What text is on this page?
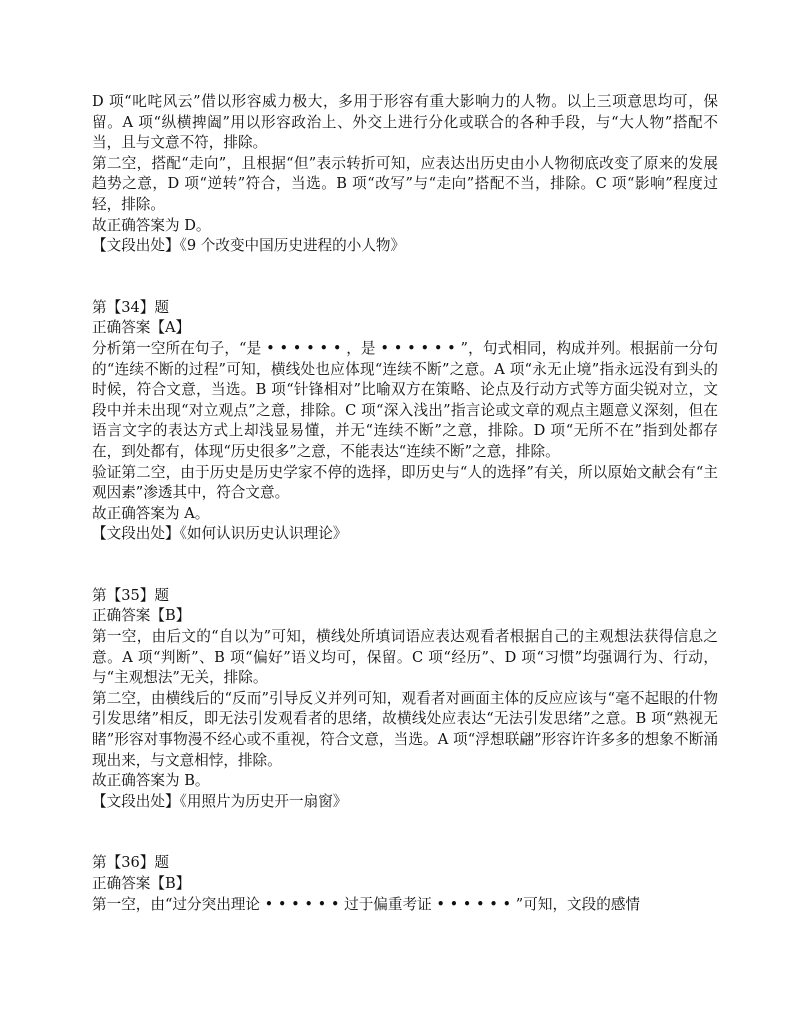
D 项“叱咤风云”借以形容威力极大，多用于形容有重大影响力的人物。以上三项意思均可，保留。A 项“纵横捭阖”用以形容政治上、外交上进行分化或联合的各种手段，与“大人物”搭配不当，且与文意不符，排除。

第二空，搭配“走向”，且根据“但”表示转折可知，应表达出历史由小人物彻底改变了原来的发展趋势之意，D 项“逆转”符合，当选。B 项“改写”与“走向”搭配不当，排除。C 项“影响”程度过轻，排除。

故正确答案为 D。

【文段出处】《9 个改变中国历史进程的小人物》

第【34】题

正确答案【A】

分析第一空所在句子，“是 • • • • • • ，是 • • • • • • ”，句式相同，构成并列。根据前一分句的“连续不断的过程”可知，横线处也应体现“连续不断”之意。A 项“永无止境”指永远没有到头的时候，符合文意，当选。B 项“针锋相对”比喻双方在策略、论点及行动方式等方面尖锐对立，文段中并未出现“对立观点”之意，排除。C 项“深入浅出”指言论或文章的观点主题意义深刻，但在语言文字的表达方式上却浅显易懂，并无“连续不断”之意，排除。D 项“无所不在”指到处都存在，到处都有，体现“历史很多”之意，不能表达“连续不断”之意，排除。

验证第二空，由于历史是历史学家不停的选择，即历史与“人的选择”有关，所以原始文献会有“主观因素”渗透其中，符合文意。

故正确答案为 A。

【文段出处】《如何认识历史认识理论》

第【35】题

正确答案【B】

第一空，由后文的“自以为”可知，横线处所填词语应表达观看者根据自己的主观想法获得信息之意。A 项“判断”、B 项“偏好”语义均可，保留。C 项“经历”、D 项“习惯”均强调行为、行动，与“主观想法”无关，排除。

第二空，由横线后的“反而”引导反义并列可知，观看者对画面主体的反应应该与“毫不起眼的什物引发思绪”相反，即无法引发观看者的思绪，故横线处应表达“无法引发思绪”之意。B 项“熟视无睹”形容对事物漫不经心或不重视，符合文意，当选。A 项“浮想联翩”形容许许多多的想象不断涌现出来，与文意相悖，排除。

故正确答案为 B。

【文段出处】《用照片为历史开一扇窗》

第【36】题

正确答案【B】

第一空，由“过分突出理论 • • • • • • 过于偏重考证 • • • • • • ”可知，文段的感情
